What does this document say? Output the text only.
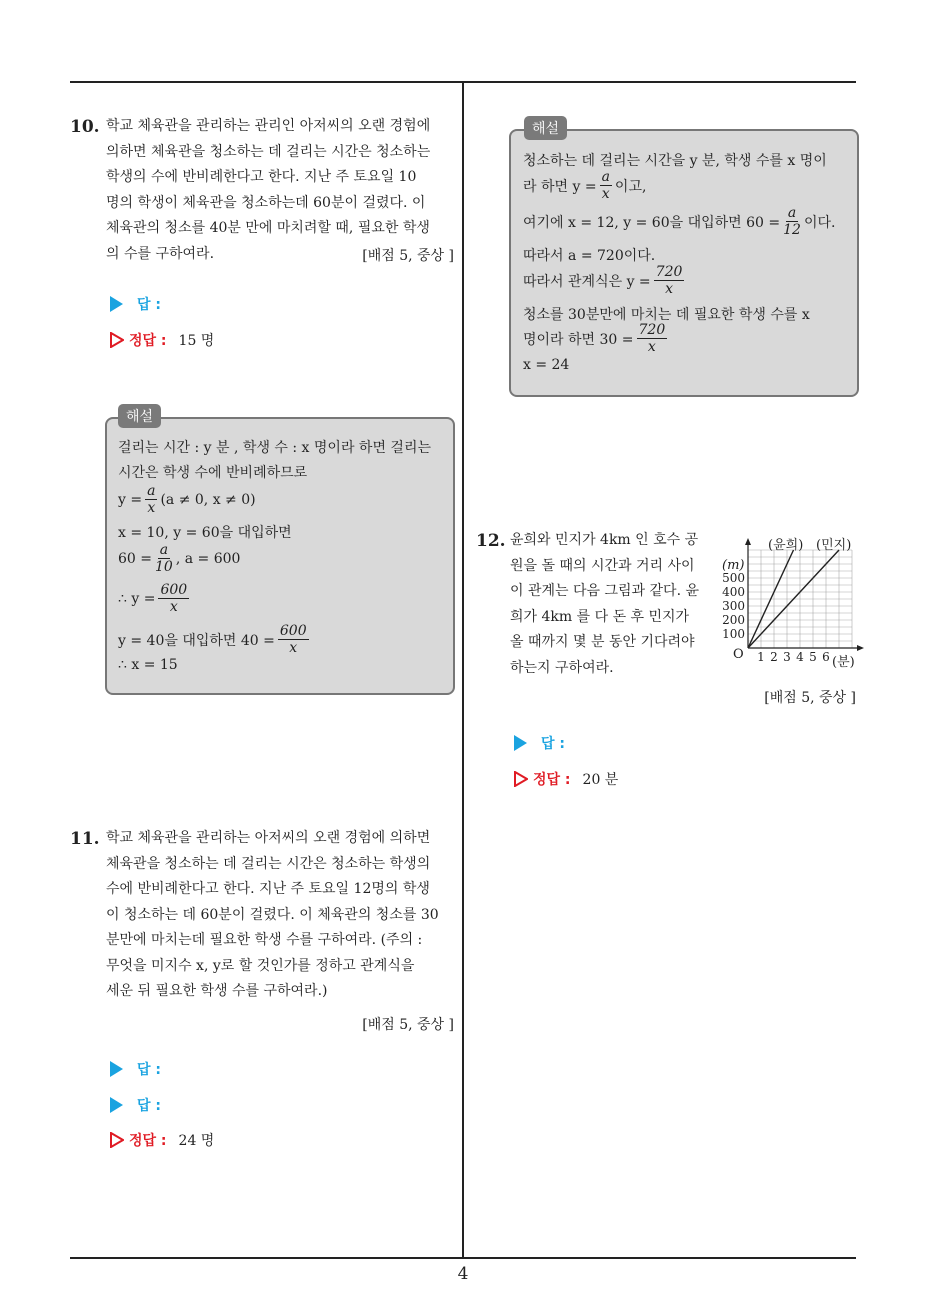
10. 학교 체육관을 관리하는 관리인 아저씨의 오랜 경험에
의하면 체육관을 청소하는 데 걸리는 시간은 청소하는
학생의 수에 반비례한다고 한다. 지난 주 토요일 10
명의 학생이 체육관을 청소하는데 60분이 걸렸다. 이
체육관의 청소를 40분 만에 마치려할 때, 필요한 학생
의 수를 구하여라.	[배점 5, 중상 ]
답 :
정답 : 15 명
해설
걸리는 시간 : y 분 , 학생 수 : x 명이라 하면 걸리는
시간은 학생 수에 반비례하므로
$y = \frac{a}{x} (a \ne 0$, x ≠ 0)
x = 10, y = 60을 대입하면
$60 = \frac{a}{10}$ , a = 600
∴ $y = \frac{600}{x}$
y = 40을 대입하면 $40 = \frac{600}{x}$
∴ x = 15
11. 학교 체육관을 관리하는 아저씨의 오랜 경험에 의하면
체육관을 청소하는 데 걸리는 시간은 청소하는 학생의
수에 반비례한다고 한다. 지난 주 토요일 12명의 학생
이 청소하는 데 60분이 걸렸다. 이 체육관의 청소를 30
분만에 마치는데 필요한 학생 수를 구하여라. (주의 :
무엇을 미지수 x, y로 할 것인가를 정하고 관계식을
세운 뒤 필요한 학생 수를 구하여라.)
[배점 5, 중상 ]
답 :
답 :
정답 : 24 명
해설
청소하는 데 걸리는 시간을 y 분, 학생 수를 x 명이
라 하면 $y = \frac{a}{x}$ 이고,
여기에 x = 12, y = 60을 대입하면 $60 = \frac{a}{12}$ 이다.
따라서 a = 720이다.
따라서 관계식은 $y = \frac{720}{x}$
청소를 30분만에 마치는 데 필요한 학생 수를 x
명이라 하면 $30 = \frac{720}{x}$
x = 24
12. 윤희와 민지가 4km 인 호수 공
원을 돌 때의 시간과 거리 사이
이 관계는 다음 그림과 같다. 윤
희가 4km 를 다 돈 후 민지가
올 때까지 몇 분 동안 기다려야
하는지 구하여라.
1 2 3 4 5 6
100
200
300
400
500
(윤희) (민지)
(m)
(분)
O
[배점 5, 중상 ]
답 :
정답 : 20 분
4
